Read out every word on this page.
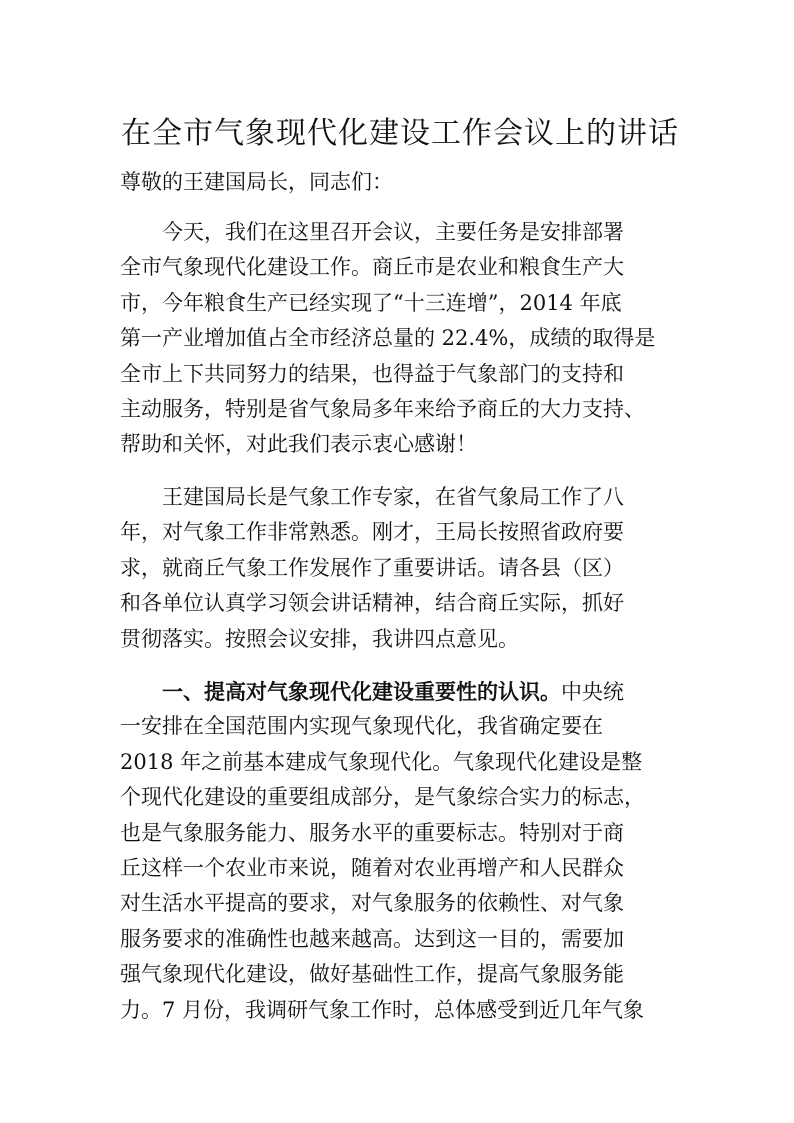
在全市气象现代化建设工作会议上的讲话
尊敬的王建国局长，同志们：
今天，我们在这里召开会议，主要任务是安排部署
全市气象现代化建设工作。商丘市是农业和粮食生产大
市，今年粮食生产已经实现了“十三连增”，2014 年底
第一产业增加值占全市经济总量的 22.4%，成绩的取得是
全市上下共同努力的结果，也得益于气象部门的支持和
主动服务，特别是省气象局多年来给予商丘的大力支持、
帮助和关怀，对此我们表示衷心感谢！
王建国局长是气象工作专家，在省气象局工作了八
年，对气象工作非常熟悉。刚才，王局长按照省政府要
求，就商丘气象工作发展作了重要讲话。请各县（区）
和各单位认真学习领会讲话精神，结合商丘实际，抓好
贯彻落实。按照会议安排，我讲四点意见。
一、提高对气象现代化建设重要性的认识。中央统
一安排在全国范围内实现气象现代化，我省确定要在
2018 年之前基本建成气象现代化。气象现代化建设是整
个现代化建设的重要组成部分，是气象综合实力的标志，
也是气象服务能力、服务水平的重要标志。特别对于商
丘这样一个农业市来说，随着对农业再增产和人民群众
对生活水平提高的要求，对气象服务的依赖性、对气象
服务要求的准确性也越来越高。达到这一目的，需要加
强气象现代化建设，做好基础性工作，提高气象服务能
力。7 月份，我调研气象工作时，总体感受到近几年气象
